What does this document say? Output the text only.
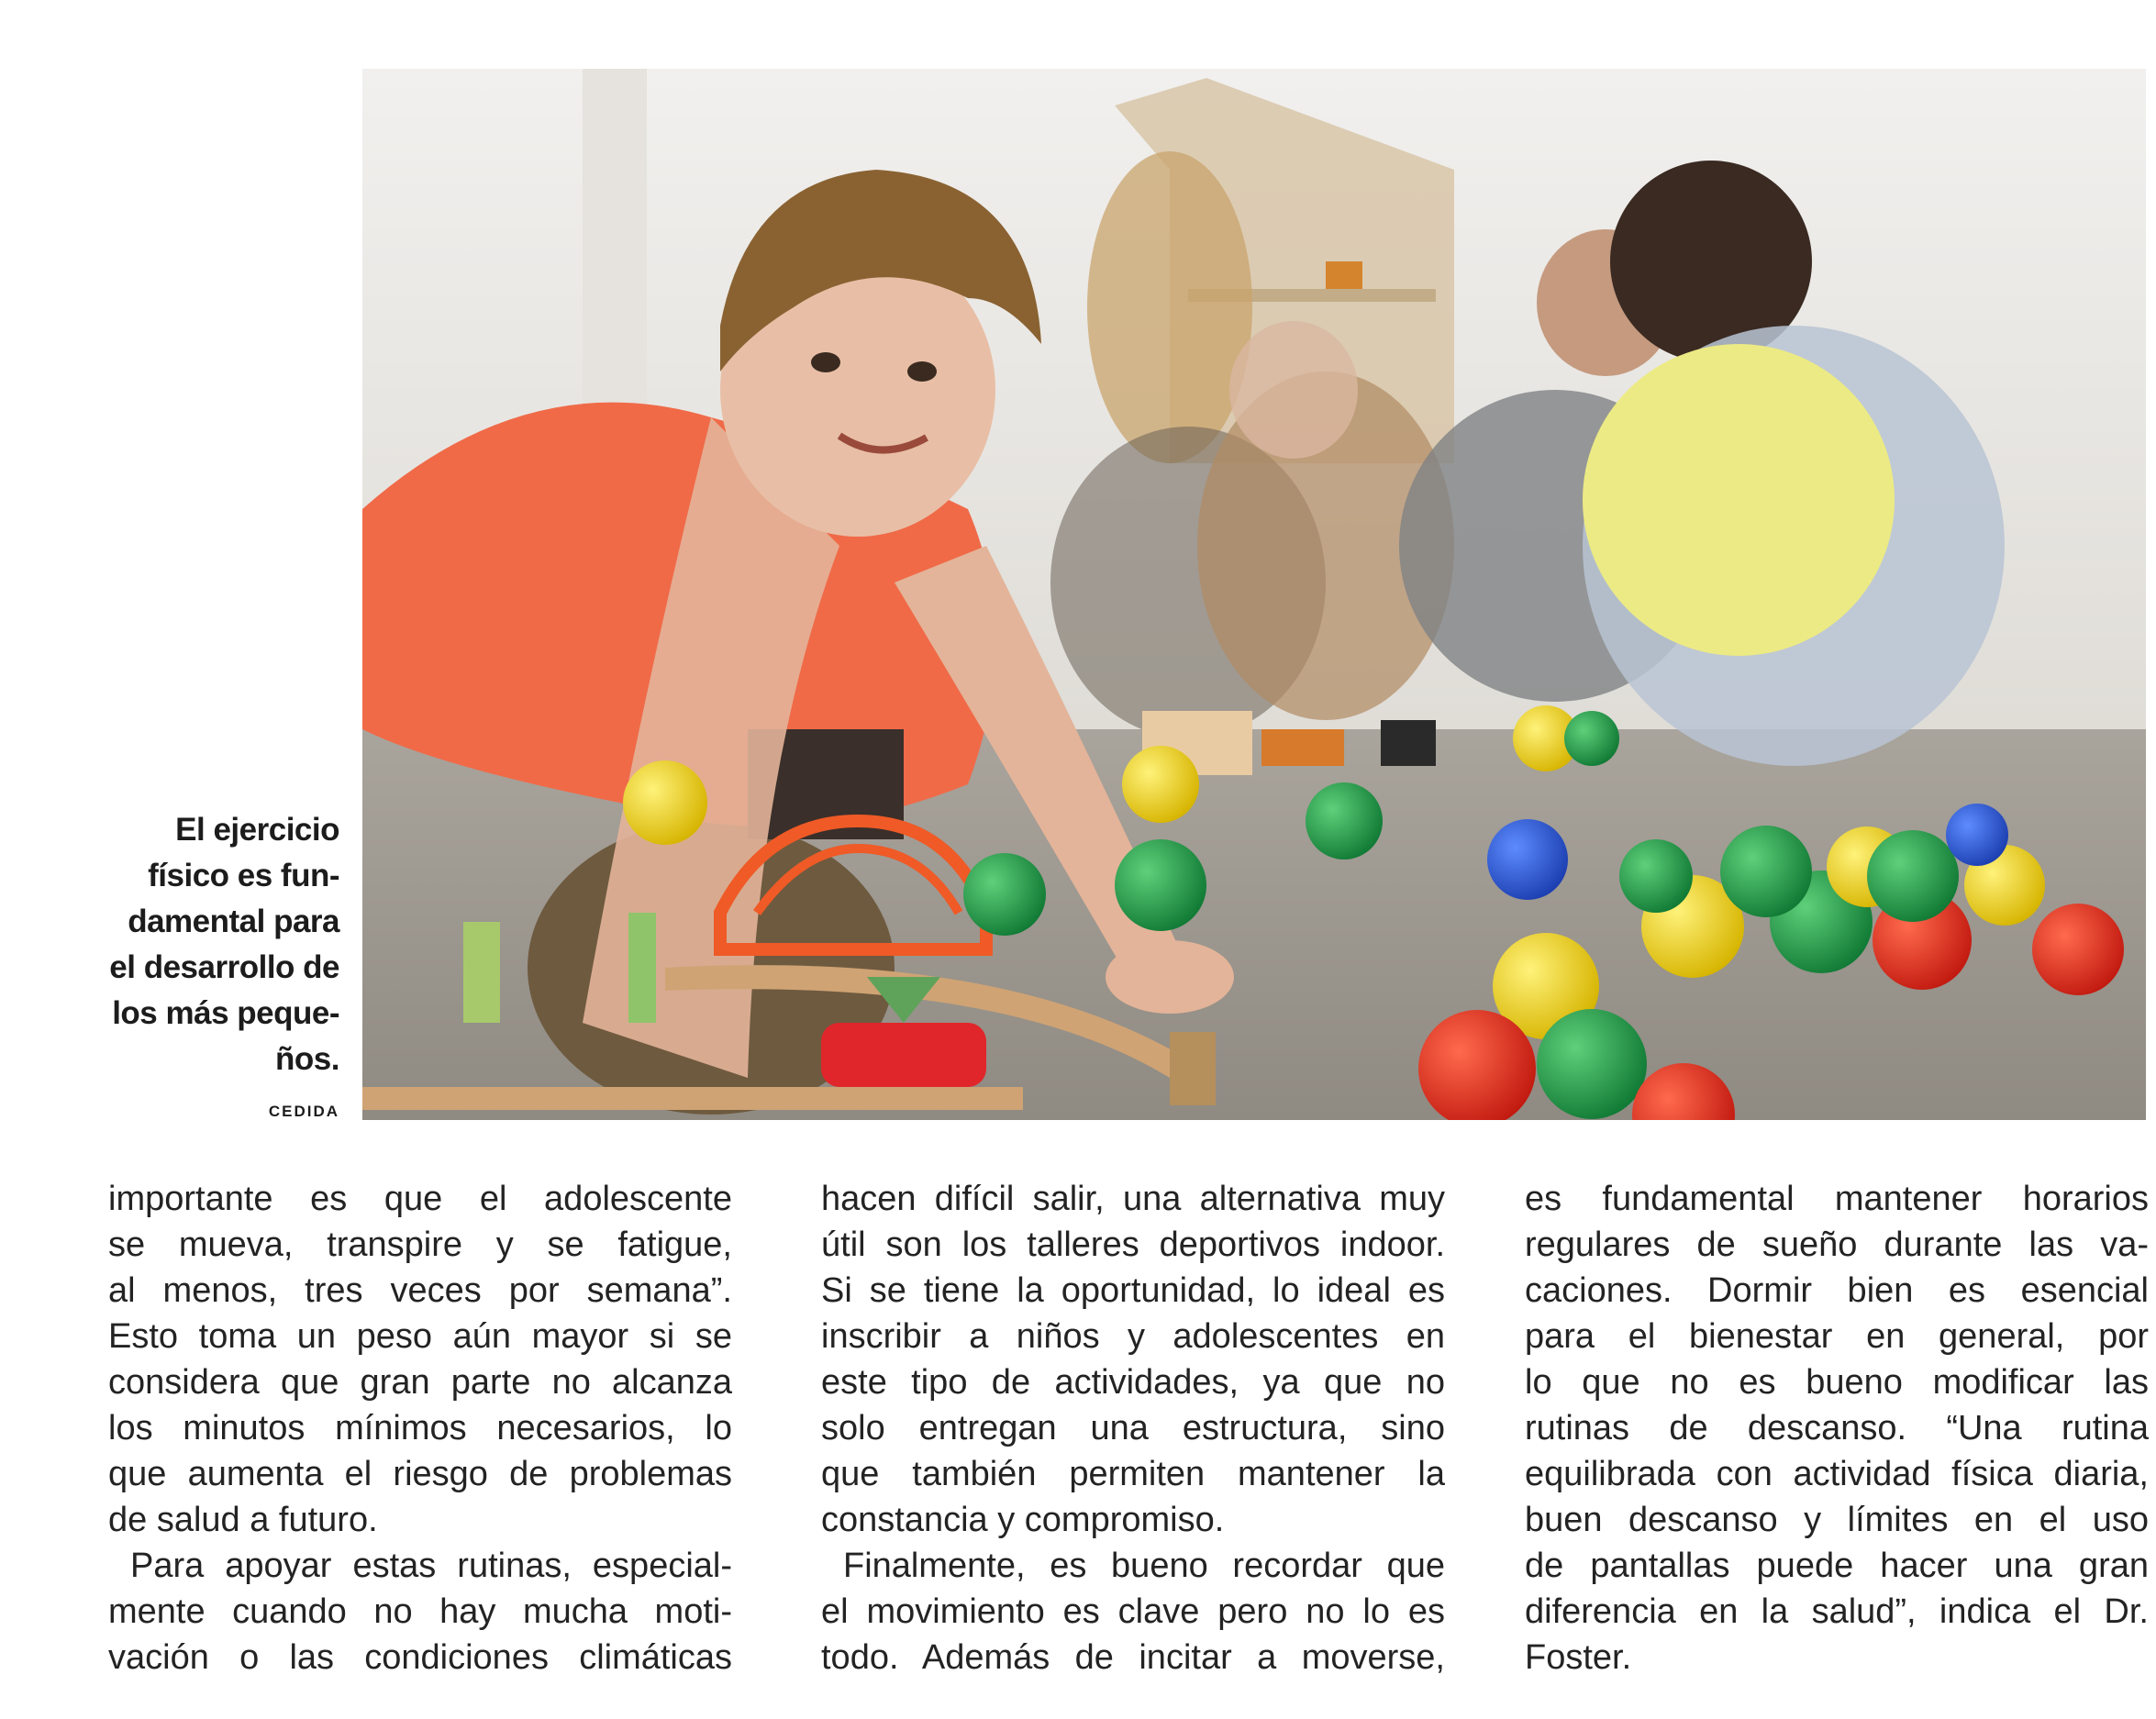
El ejercicio
físico es fun-
damental para
el desarrollo de
los más peque-
ños.
CEDIDA
importante es que el adolescente
se mueva, transpire y se fatigue,
al menos, tres veces por semana”.
Esto toma un peso aún mayor si se
considera que gran parte no alcanza
los minutos mínimos necesarios, lo
que aumenta el riesgo de problemas
de salud a futuro.
Para apoyar estas rutinas, especial-
mente cuando no hay mucha moti-
vación o las condiciones climáticas
hacen difícil salir, una alternativa muy
útil son los talleres deportivos indoor.
Si se tiene la oportunidad, lo ideal es
inscribir a niños y adolescentes en
este tipo de actividades, ya que no
solo entregan una estructura, sino
que también permiten mantener la
constancia y compromiso.
Finalmente, es bueno recordar que
el movimiento es clave pero no lo es
todo. Además de incitar a moverse,
es fundamental mantener horarios
regulares de sueño durante las va-
caciones. Dormir bien es esencial
para el bienestar en general, por
lo que no es bueno modificar las
rutinas de descanso. “Una rutina
equilibrada con actividad física diaria,
buen descanso y límites en el uso
de pantallas puede hacer una gran
diferencia en la salud”, indica el Dr.
Foster.
